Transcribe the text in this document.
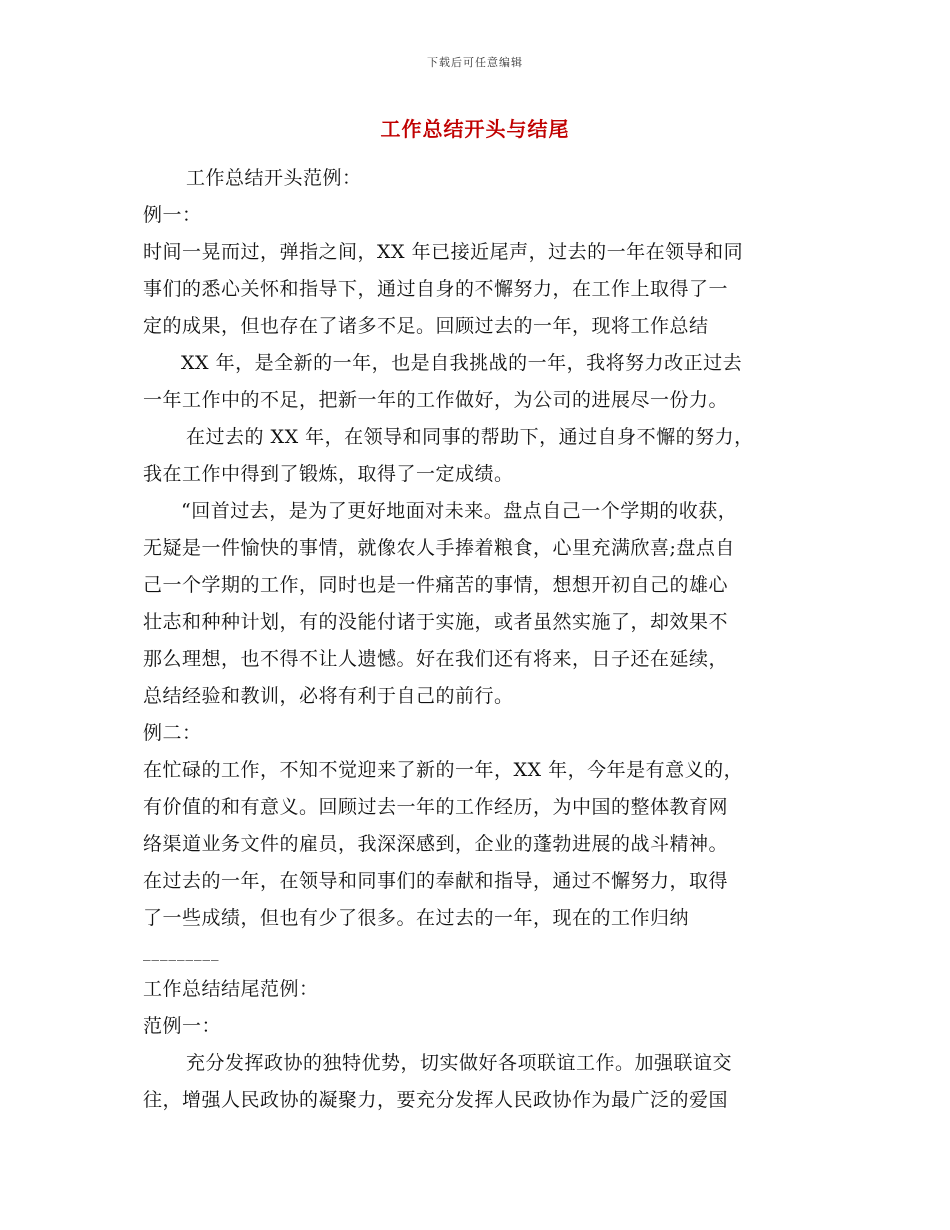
下载后可任意编辑
工作总结开头与结尾
工作总结开头范例：
例一：
时间一晃而过，弹指之间，XX 年已接近尾声，过去的一年在领导和同
事们的悉心关怀和指导下，通过自身的不懈努力，在工作上取得了一
定的成果，但也存在了诸多不足。回顾过去的一年，现将工作总结
XX 年，是全新的一年，也是自我挑战的一年，我将努力改正过去
一年工作中的不足，把新一年的工作做好，为公司的进展尽一份力。
在过去的 XX 年，在领导和同事的帮助下，通过自身不懈的努力，
我在工作中得到了锻炼，取得了一定成绩。
“回首过去，是为了更好地面对未来。盘点自己一个学期的收获，
无疑是一件愉快的事情，就像农人手捧着粮食，心里充满欣喜;盘点自
己一个学期的工作，同时也是一件痛苦的事情，想想开初自己的雄心
壮志和种种计划，有的没能付诸于实施，或者虽然实施了，却效果不
那么理想，也不得不让人遗憾。好在我们还有将来，日子还在延续，
总结经验和教训，必将有利于自己的前行。
例二：
在忙碌的工作，不知不觉迎来了新的一年，XX 年，今年是有意义的，
有价值的和有意义。回顾过去一年的工作经历，为中国的整体教育网
络渠道业务文件的雇员，我深深感到，企业的蓬勃进展的战斗精神。
在过去的一年，在领导和同事们的奉献和指导，通过不懈努力，取得
了一些成绩，但也有少了很多。在过去的一年，现在的工作归纳
_________
工作总结结尾范例：
范例一：
充分发挥政协的独特优势，切实做好各项联谊工作。加强联谊交
往，增强人民政协的凝聚力，要充分发挥人民政协作为最广泛的爱国
